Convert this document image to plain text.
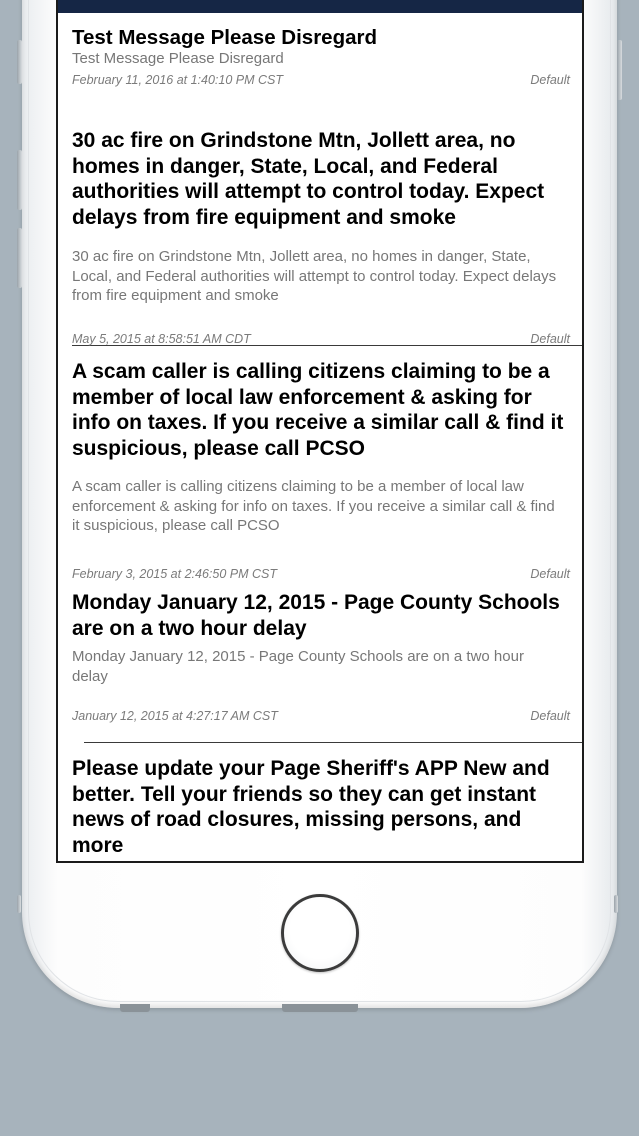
Test Message Please Disregard
Test Message Please Disregard
February 11, 2016 at 1:40:10 PM CST	Default
30 ac fire on Grindstone Mtn, Jollett area, no homes in danger, State, Local, and Federal authorities will attempt to control today. Expect delays from fire equipment and smoke
30 ac fire on Grindstone Mtn, Jollett area, no homes in danger, State, Local, and Federal authorities will attempt to control today. Expect delays from fire equipment and smoke
May 5, 2015 at 8:58:51 AM CDT	Default
A scam caller is calling citizens claiming to be a member of local law enforcement & asking for info on taxes. If you receive a similar call & find it suspicious, please call PCSO
A scam caller is calling citizens claiming to be a member of local law enforcement & asking for info on taxes. If you receive a similar call & find it suspicious, please call PCSO
February 3, 2015 at 2:46:50 PM CST	Default
Monday January 12, 2015 - Page County Schools are on a two hour delay
Monday January 12, 2015 - Page County Schools are on a two hour delay
January 12, 2015 at 4:27:17 AM CST	Default
Please update your Page Sheriff's APP New and better. Tell your friends so they can get instant news of road closures, missing persons, and more
